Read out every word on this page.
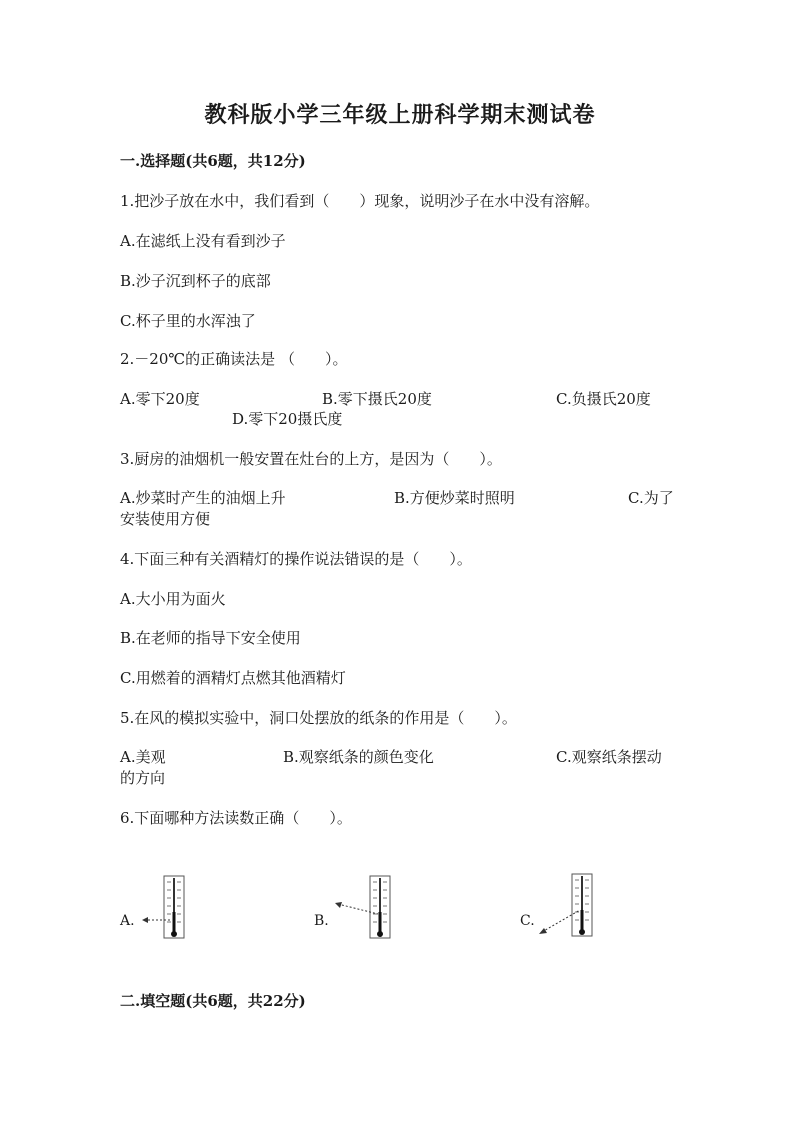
教科版小学三年级上册科学期末测试卷
一.选择题(共6题，共12分)
1.把沙子放在水中，我们看到（　　）现象，说明沙子在水中没有溶解。
A.在滤纸上没有看到沙子
B.沙子沉到杯子的底部
C.杯子里的水浑浊了
2.－20℃的正确读法是 （　　）。
A.零下20度	B.零下摄氏20度	C.负摄氏20度
D.零下20摄氏度
3.厨房的油烟机一般安置在灶台的上方，是因为（　　）。
A.炒菜时产生的油烟上升	B.方便炒菜时照明	C.为了
安装使用方便
4.下面三种有关酒精灯的操作说法错误的是（　　）。
A.大小用为面火
B.在老师的指导下安全使用
C.用燃着的酒精灯点燃其他酒精灯
5.在风的模拟实验中，洞口处摆放的纸条的作用是（　　）。
A.美观	B.观察纸条的颜色变化	C.观察纸条摆动
的方向
6.下面哪种方法读数正确（　　）。
A.	B.	C.
二.填空题(共6题，共22分)
